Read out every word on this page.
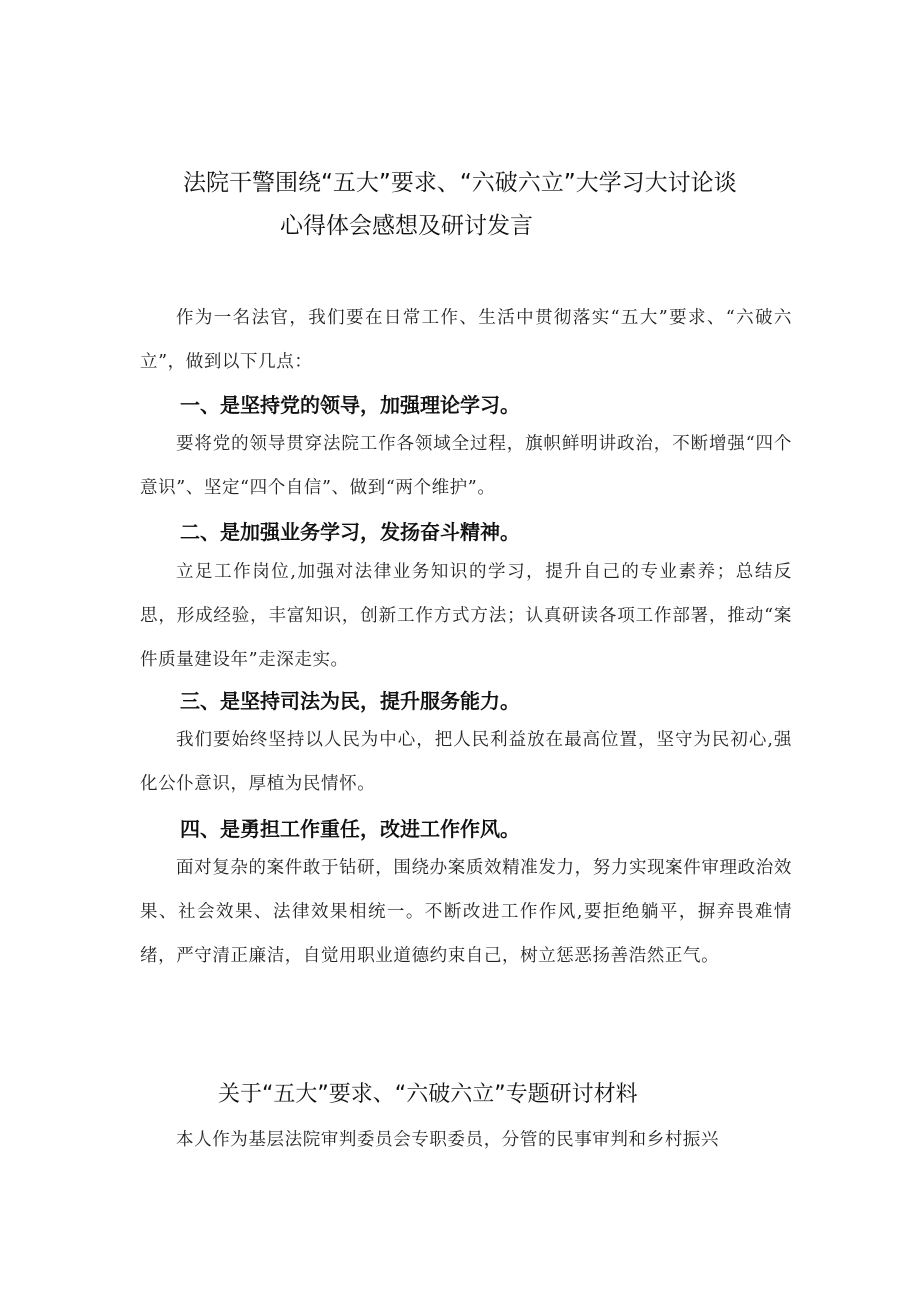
法院干警围绕“五大”要求、“六破六立”大学习大讨论谈
心得体会感想及研讨发言

作为一名法官，我们要在日常工作、生活中贯彻落实“五大”要求、“六破六立”，做到以下几点：

一、是坚持党的领导，加强理论学习。

要将党的领导贯穿法院工作各领域全过程，旗帜鲜明讲政治，不断增强“四个意识”、坚定“四个自信”、做到“两个维护”。

二、是加强业务学习，发扬奋斗精神。

立足工作岗位,加强对法律业务知识的学习，提升自己的专业素养；总结反思，形成经验，丰富知识，创新工作方式方法；认真研读各项工作部署，推动“案件质量建设年”走深走实。

三、是坚持司法为民，提升服务能力。

我们要始终坚持以人民为中心，把人民利益放在最高位置，坚守为民初心,强化公仆意识，厚植为民情怀。

四、是勇担工作重任，改进工作作风。

面对复杂的案件敢于钻研，围绕办案质效精准发力，努力实现案件审理政治效果、社会效果、法律效果相统一。不断改进工作作风,要拒绝躺平，摒弃畏难情绪，严守清正廉洁，自觉用职业道德约束自己，树立惩恶扬善浩然正气。

关于“五大”要求、“六破六立”专题研讨材料

本人作为基层法院审判委员会专职委员，分管的民事审判和乡村振兴
